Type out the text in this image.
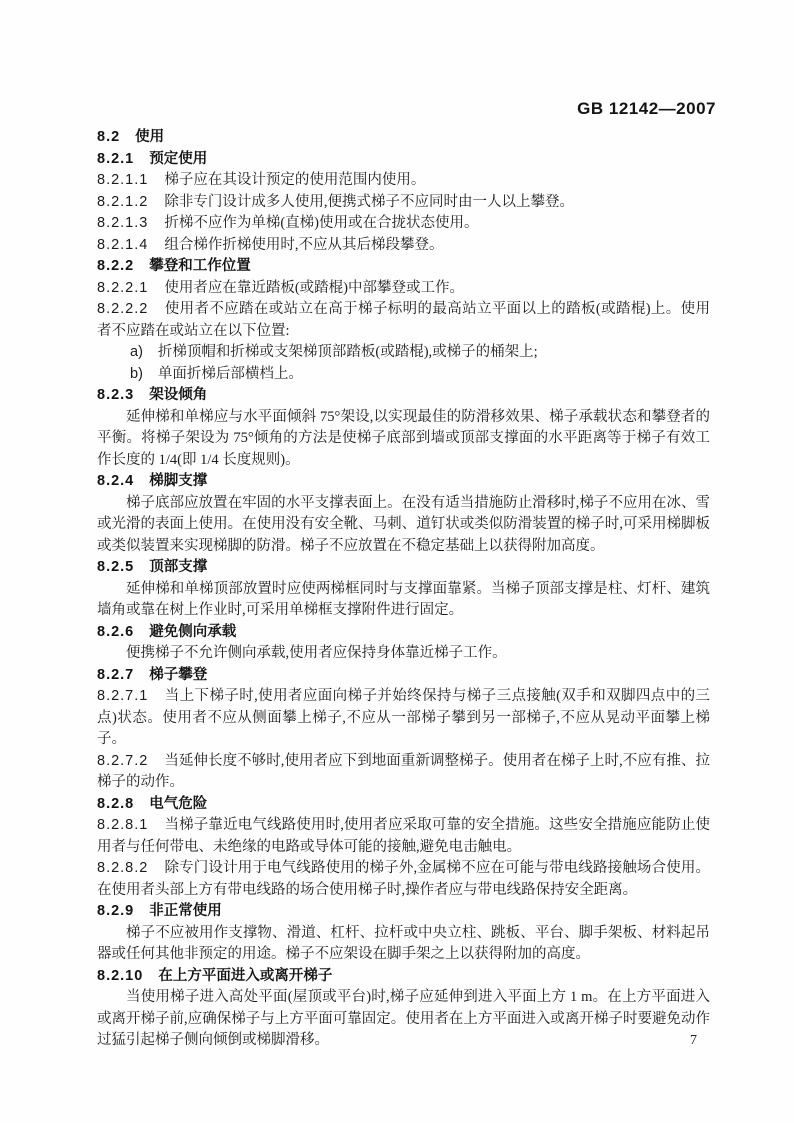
GB 12142—2007
8.2 使用
8.2.1 预定使用
8.2.1.1 梯子应在其设计预定的使用范围内使用。
8.2.1.2 除非专门设计成多人使用,便携式梯子不应同时由一人以上攀登。
8.2.1.3 折梯不应作为单梯(直梯)使用或在合拢状态使用。
8.2.1.4 组合梯作折梯使用时,不应从其后梯段攀登。
8.2.2 攀登和工作位置
8.2.2.1 使用者应在靠近踏板(或踏棍)中部攀登或工作。
8.2.2.2 使用者不应踏在或站立在高于梯子标明的最高站立平面以上的踏板(或踏棍)上。使用者不应踏在或站立在以下位置:
a) 折梯顶帽和折梯或支架梯顶部踏板(或踏棍),或梯子的桶架上;
b) 单面折梯后部横档上。
8.2.3 架设倾角
延伸梯和单梯应与水平面倾斜 75°架设,以实现最佳的防滑移效果、梯子承载状态和攀登者的平衡。将梯子架设为 75°倾角的方法是使梯子底部到墙或顶部支撑面的水平距离等于梯子有效工作长度的 1/4(即 1/4 长度规则)。
8.2.4 梯脚支撑
梯子底部应放置在牢固的水平支撑表面上。在没有适当措施防止滑移时,梯子不应用在冰、雪或光滑的表面上使用。在使用没有安全靴、马刺、道钉状或类似防滑装置的梯子时,可采用梯脚板或类似装置来实现梯脚的防滑。梯子不应放置在不稳定基础上以获得附加高度。
8.2.5 顶部支撑
延伸梯和单梯顶部放置时应使两梯框同时与支撑面靠紧。当梯子顶部支撑是柱、灯杆、建筑墙角或靠在树上作业时,可采用单梯框支撑附件进行固定。
8.2.6 避免侧向承载
便携梯子不允许侧向承载,使用者应保持身体靠近梯子工作。
8.2.7 梯子攀登
8.2.7.1 当上下梯子时,使用者应面向梯子并始终保持与梯子三点接触(双手和双脚四点中的三点)状态。使用者不应从侧面攀上梯子,不应从一部梯子攀到另一部梯子,不应从晃动平面攀上梯子。
8.2.7.2 当延伸长度不够时,使用者应下到地面重新调整梯子。使用者在梯子上时,不应有推、拉梯子的动作。
8.2.8 电气危险
8.2.8.1 当梯子靠近电气线路使用时,使用者应采取可靠的安全措施。这些安全措施应能防止使用者与任何带电、未绝缘的电路或导体可能的接触,避免电击触电。
8.2.8.2 除专门设计用于电气线路使用的梯子外,金属梯不应在可能与带电线路接触场合使用。在使用者头部上方有带电线路的场合使用梯子时,操作者应与带电线路保持安全距离。
8.2.9 非正常使用
梯子不应被用作支撑物、滑道、杠杆、拉杆或中央立柱、跳板、平台、脚手架板、材料起吊器或任何其他非预定的用途。梯子不应架设在脚手架之上以获得附加的高度。
8.2.10 在上方平面进入或离开梯子
当使用梯子进入高处平面(屋顶或平台)时,梯子应延伸到进入平面上方 1 m。在上方平面进入或离开梯子前,应确保梯子与上方平面可靠固定。使用者在上方平面进入或离开梯子时要避免动作过猛引起梯子侧向倾倒或梯脚滑移。	7
